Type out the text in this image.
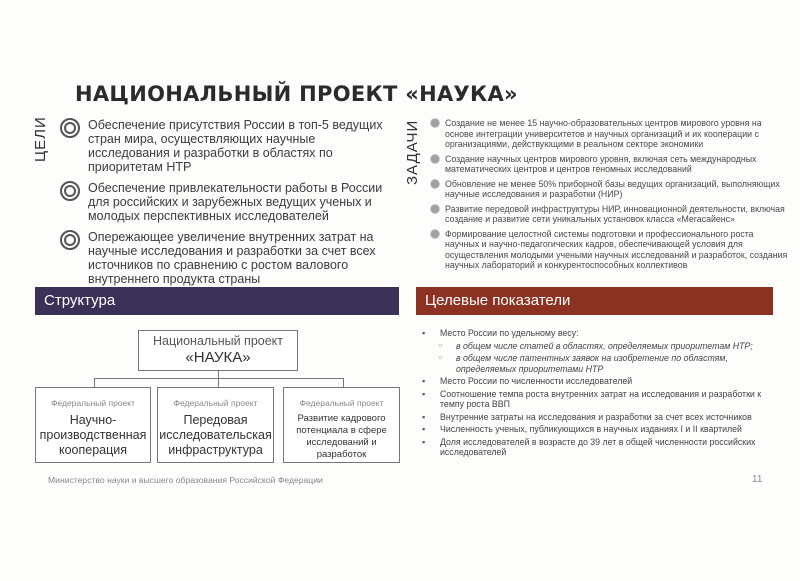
НАЦИОНАЛЬНЫЙ ПРОЕКТ «НАУКА»
ЦЕЛИ	Обеспечение присутствия России в топ-5 ведущих стран мира, осуществляющих научные исследования и разработки в областях по приоритетам НТР
Обеспечение привлекательности работы в России для российских и зарубежных ведущих ученых и молодых перспективных исследователей
Опережающее увеличение внутренних затрат на научные исследования и разработки за счет всех источников по сравнению с ростом валового внутреннего продукта страны
ЗАДАЧИ	Создание не менее 15 научно-образовательных центров мирового уровня на основе интеграции университетов и научных организаций и их кооперации с организациями, действующими в реальном секторе экономики
Создание научных центров мирового уровня, включая сеть международных математических центров и центров геномных исследований
Обновление не менее 50% приборной базы ведущих организаций, выполняющих научные исследования и разработки (НИР)
Развитие передовой инфраструктуры НИР, инновационной деятельности, включая создание и развитие сети уникальных установок класса «Мегасайенс»
Формирование целостной системы подготовки и профессионального роста научных и научно-педагогических кадров, обеспечивающей условия для осуществления молодыми учеными научных исследований и разработок, создания научных лабораторий и конкурентоспособных коллективов
Структура	Целевые показатели
Национальный проект
«НАУКА»
Федеральный проект
Научно-производственная кооперация
Федеральный проект
Передовая исследовательская инфраструктура
Федеральный проект
Развитие кадрового потенциала в сфере исследований и разработок
▪	Место России по удельному весу:
○	в общем числе статей в областях, определяемых приоритетам НТР;
○	в общем числе патентных заявок на изобретение по областям, определяемых приоритетами НТР
▪	Место России по численности исследователей
▪	Соотношение темпа роста внутренних затрат на исследования и разработки к темпу роста ВВП
▪	Внутренние затраты на исследования и разработки за счет всех источников
▪	Численность ученых, публикующихся в научных изданиях I и II квартилей
▪	Доля исследователей в возрасте до 39 лет в общей численности российских исследователей
Министерство науки и высшего образования Российской Федерации	11
